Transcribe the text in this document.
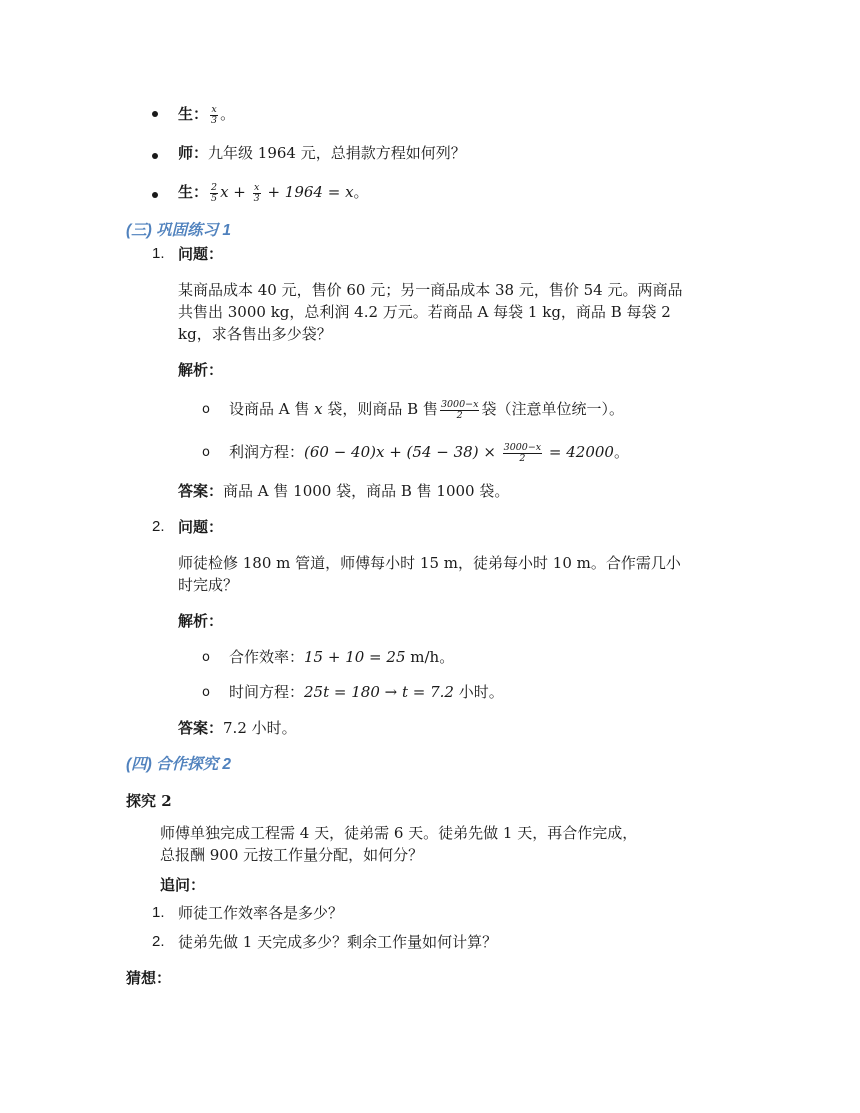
生： $\frac{x}{3}$ 。
师：九年级 1964 元，总捐款方程如何列？
生： $\frac{2}{5}$ $x + \frac{x}{3} + 1964 = x$。
(三) 巩固练习 1
1. 问题：
某商品成本 40 元，售价 60 元；另一商品成本 38 元，售价 54 元。两商品
共售出 3000 kg，总利润 4.2 万元。若商品 A 每袋 1 kg，商品 B 每袋 2
kg，求各售出多少袋？
解析：
o 设商品 A 售 x 袋，则商品 B 售 $\frac{3000-x}{2}$ 袋（注意单位统一）。
o 利润方程：$(60 - 40)x + (54 - 38) \times \frac{3000-x}{2} = 42000$。
答案：商品 A 售 1000 袋，商品 B 售 1000 袋。
2. 问题：
师徒检修 180 m 管道，师傅每小时 15 m，徒弟每小时 10 m。合作需几小
时完成？
解析：
o 合作效率：15 + 10 = 25 m/h。
o 时间方程：25t = 180 → t = 7.2 小时。
答案：7.2 小时。
(四) 合作探究 2
探究 2
师傅单独完成工程需 4 天，徒弟需 6 天。徒弟先做 1 天，再合作完成，
总报酬 900 元按工作量分配，如何分？
追问：
1. 师徒工作效率各是多少？
2. 徒弟先做 1 天完成多少？剩余工作量如何计算？
猜想：
